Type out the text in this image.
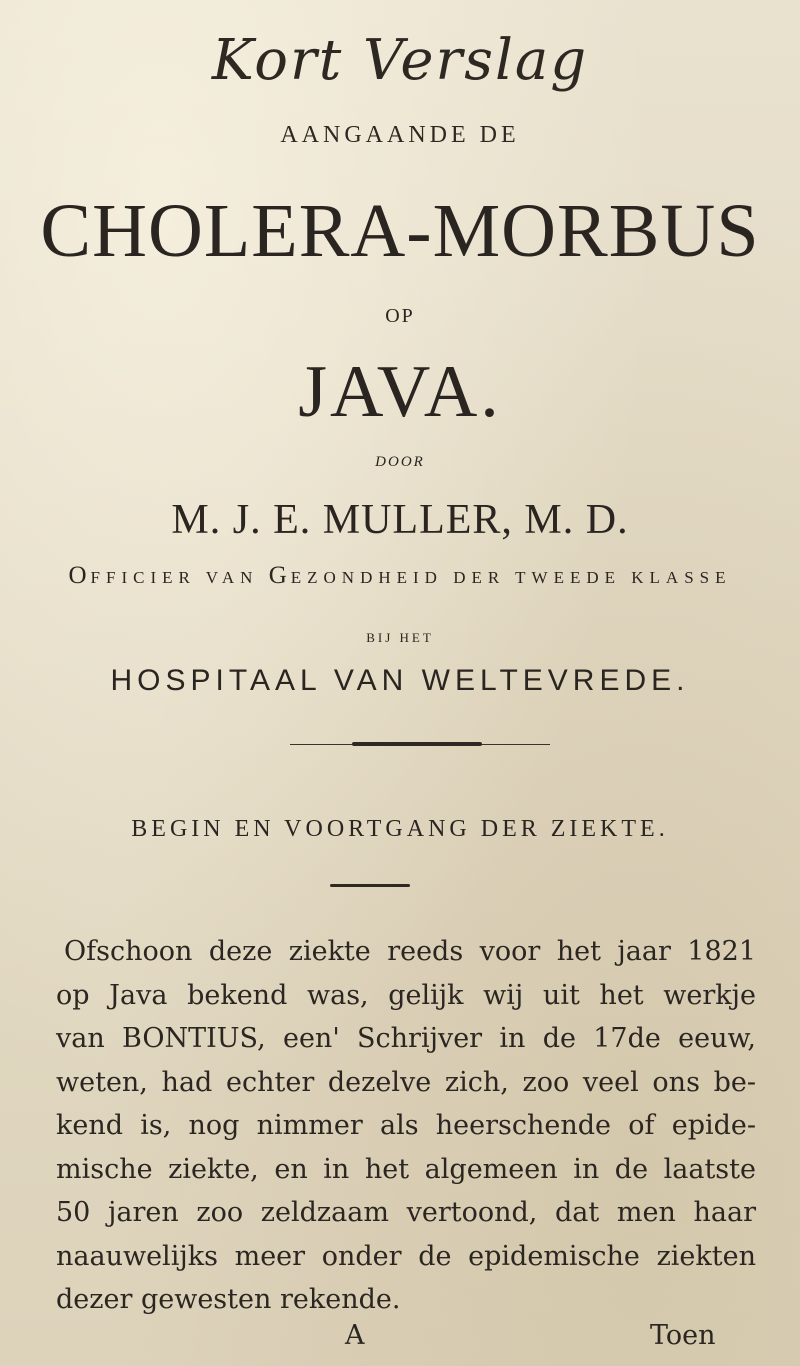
Kort Verslag
AANGAANDE DE
CHOLERA-MORBUS
OP
JAVA.
DOOR
M. J. E. MULLER, M. D.
OFFICIER VAN GEZONDHEID DER TWEEDE KLASSE
BIJ HET
HOSPITAAL VAN WELTEVREDE.
BEGIN EN VOORTGANG DER ZIEKTE.
Ofschoon deze ziekte reeds voor het jaar 1821
op Java bekend was, gelijk wij uit het werkje
van BONTIUS, een' Schrijver in de 17de eeuw,
weten, had echter dezelve zich, zoo veel ons be-
kend is, nog nimmer als heerschende of epide-
mische ziekte, en in het algemeen in de laatste
50 jaren zoo zeldzaam vertoond, dat men haar
naauwelijks meer onder de epidemische ziekten
dezer gewesten rekende.
A	Toen
